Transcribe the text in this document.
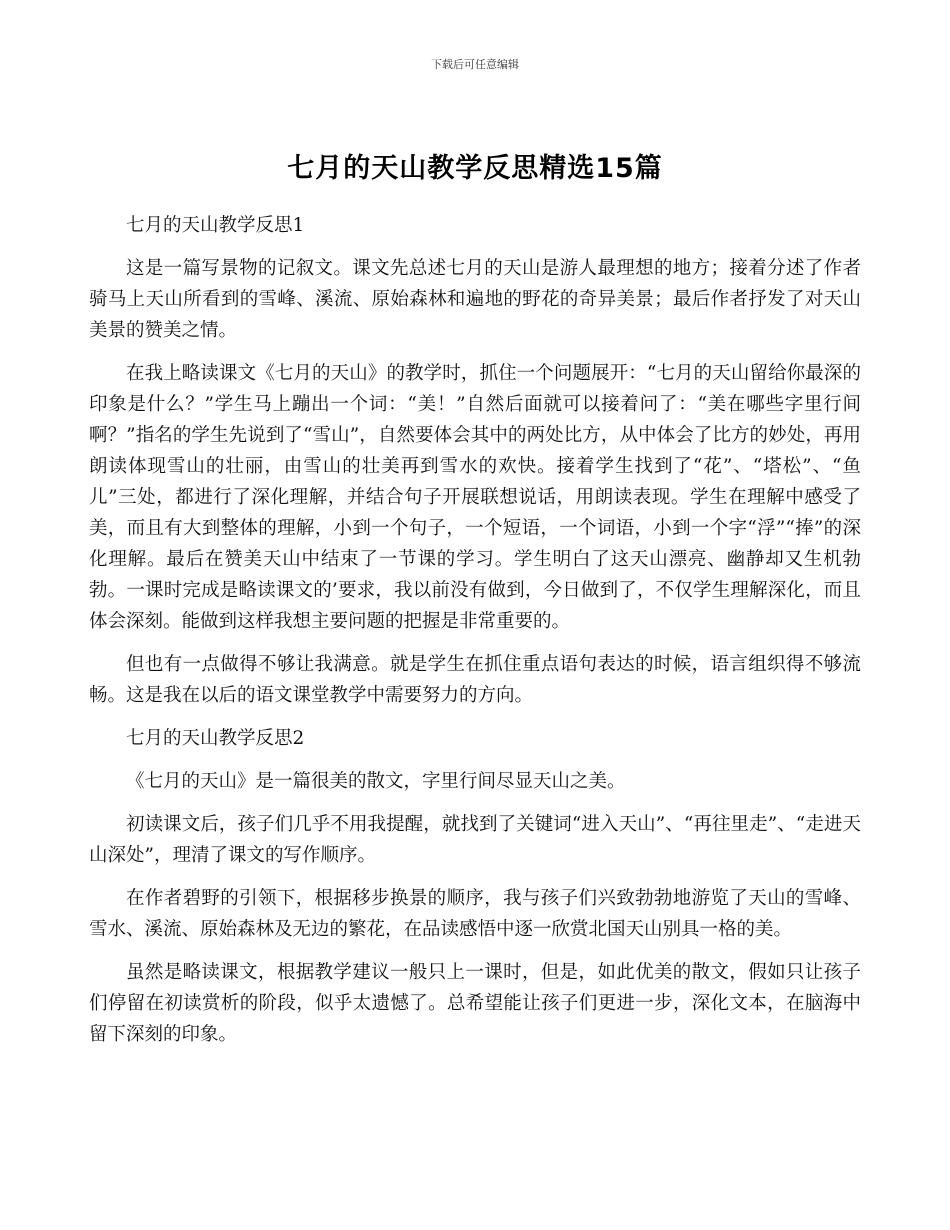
下载后可任意编辑
七月的天山教学反思精选15篇

七月的天山教学反思1

这是一篇写景物的记叙文。课文先总述七月的天山是游人最理想的地方；接着分述了作者骑马上天山所看到的雪峰、溪流、原始森林和遍地的野花的奇异美景；最后作者抒发了对天山美景的赞美之情。

在我上略读课文《七月的天山》的教学时，抓住一个问题展开：“七月的天山留给你最深的印象是什么？”学生马上蹦出一个词：“美！”自然后面就可以接着问了：“美在哪些字里行间啊？”指名的学生先说到了“雪山”，自然要体会其中的两处比方，从中体会了比方的妙处，再用朗读体现雪山的壮丽，由雪山的壮美再到雪水的欢快。接着学生找到了“花”、“塔松”、“鱼儿”三处，都进行了深化理解，并结合句子开展联想说话，用朗读表现。学生在理解中感受了美，而且有大到整体的理解，小到一个句子，一个短语，一个词语，小到一个字“浮”“捧”的深化理解。最后在赞美天山中结束了一节课的学习。学生明白了这天山漂亮、幽静却又生机勃勃。一课时完成是略读课文的’要求，我以前没有做到，今日做到了，不仅学生理解深化，而且体会深刻。能做到这样我想主要问题的把握是非常重要的。

但也有一点做得不够让我满意。就是学生在抓住重点语句表达的时候，语言组织得不够流畅。这是我在以后的语文课堂教学中需要努力的方向。

七月的天山教学反思2

《七月的天山》是一篇很美的散文，字里行间尽显天山之美。

初读课文后，孩子们几乎不用我提醒，就找到了关键词“进入天山”、“再往里走”、“走进天山深处”，理清了课文的写作顺序。

在作者碧野的引领下，根据移步换景的顺序，我与孩子们兴致勃勃地游览了天山的雪峰、雪水、溪流、原始森林及无边的繁花，在品读感悟中逐一欣赏北国天山别具一格的美。

虽然是略读课文，根据教学建议一般只上一课时，但是，如此优美的散文，假如只让孩子们停留在初读赏析的阶段，似乎太遗憾了。总希望能让孩子们更进一步，深化文本，在脑海中留下深刻的印象。
